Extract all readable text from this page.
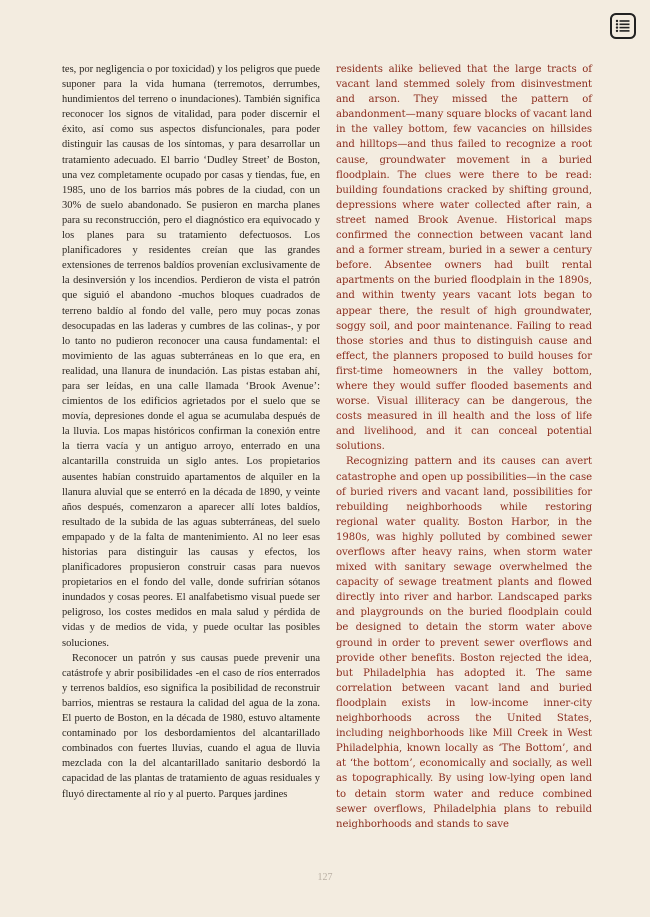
tes, por negligencia o por toxicidad) y los peligros que puede suponer para la vida humana (terremotos, derrumbes, hundimientos del terreno o inundaciones). También significa reconocer los signos de vitalidad, para poder discernir el éxito, así como sus aspectos disfuncionales, para poder distinguir las causas de los síntomas, y para desarrollar un tratamiento adecuado. El barrio ‘Dudley Street’ de Boston, una vez completamente ocupado por casas y tiendas, fue, en 1985, uno de los barrios más pobres de la ciudad, con un 30% de suelo abandonado. Se pusieron en marcha planes para su reconstrucción, pero el diagnóstico era equivocado y los planes para su tratamiento defectuosos. Los planificadores y residentes creían que las grandes extensiones de terrenos baldíos provenían exclusivamente de la desinversión y los incendios. Perdieron de vista el patrón que siguió el abandono -muchos bloques cuadrados de terreno baldío al fondo del valle, pero muy pocas zonas desocupadas en las laderas y cumbres de las colinas-, y por lo tanto no pudieron reconocer una causa fundamental: el movimiento de las aguas subterráneas en lo que era, en realidad, una llanura de inundación. Las pistas estaban ahí, para ser leídas, en una calle llamada ‘Brook Avenue’: cimientos de los edificios agrietados por el suelo que se movía, depresiones donde el agua se acumulaba después de la lluvia. Los mapas históricos confirman la conexión entre la tierra vacía y un antiguo arroyo, enterrado en una alcantarilla construida un siglo antes. Los propietarios ausentes habían construido apartamentos de alquiler en la llanura aluvial que se enterró en la década de 1890, y veinte años después, comenzaron a aparecer allí lotes baldíos, resultado de la subida de las aguas subterráneas, del suelo empapado y de la falta de mantenimiento. Al no leer esas historias para distinguir las causas y efectos, los planificadores propusieron construir casas para nuevos propietarios en el fondo del valle, donde sufrirían sótanos inundados y cosas peores. El analfabetismo visual puede ser peligroso, los costes medidos en mala salud y pérdida de vidas y de medios de vida, y puede ocultar las posibles soluciones.

Reconocer un patrón y sus causas puede prevenir una catástrofe y abrir posibilidades -en el caso de ríos enterrados y terrenos baldíos, eso significa la posibilidad de reconstruir barrios, mientras se restaura la calidad del agua de la zona. El puerto de Boston, en la década de 1980, estuvo altamente contaminado por los desbordamientos del alcantarillado combinados con fuertes lluvias, cuando el agua de lluvia mezclada con la del alcantarillado sanitario desbordó la capacidad de las plantas de tratamiento de aguas residuales y fluyó directamente al río y al puerto. Parques jardines

residents alike believed that the large tracts of vacant land stemmed solely from disinvestment and arson. They missed the pattern of abandonment—many square blocks of vacant land in the valley bottom, few vacancies on hillsides and hilltops—and thus failed to recognize a root cause, groundwater movement in a buried floodplain. The clues were there to be read: building foundations cracked by shifting ground, depressions where water collected after rain, a street named Brook Avenue. Historical maps confirmed the connection between vacant land and a former stream, buried in a sewer a century before. Absentee owners had built rental apartments on the buried floodplain in the 1890s, and within twenty years vacant lots began to appear there, the result of high groundwater, soggy soil, and poor maintenance. Failing to read those stories and thus to distinguish cause and effect, the planners proposed to build houses for first-time homeowners in the valley bottom, where they would suffer flooded basements and worse. Visual illiteracy can be dangerous, the costs measured in ill health and the loss of life and livelihood, and it can conceal potential solutions.

Recognizing pattern and its causes can avert catastrophe and open up possibilities—in the case of buried rivers and vacant land, possibilities for rebuilding neighborhoods while restoring regional water quality. Boston Harbor, in the 1980s, was highly polluted by combined sewer overflows after heavy rains, when storm water mixed with sanitary sewage overwhelmed the capacity of sewage treatment plants and flowed directly into river and harbor. Landscaped parks and playgrounds on the buried floodplain could be designed to detain the storm water above ground in order to prevent sewer overflows and provide other benefits. Boston rejected the idea, but Philadelphia has adopted it. The same correlation between vacant land and buried floodplain exists in low-income inner-city neighborhoods across the United States, including neighborhoods like Mill Creek in West Philadelphia, known locally as ‘The Bottom’, and at ‘the bottom’, economically and socially, as well as topographically. By using low-lying open land to detain storm water and reduce combined sewer overflows, Philadelphia plans to rebuild neighborhoods and stands to save

127
